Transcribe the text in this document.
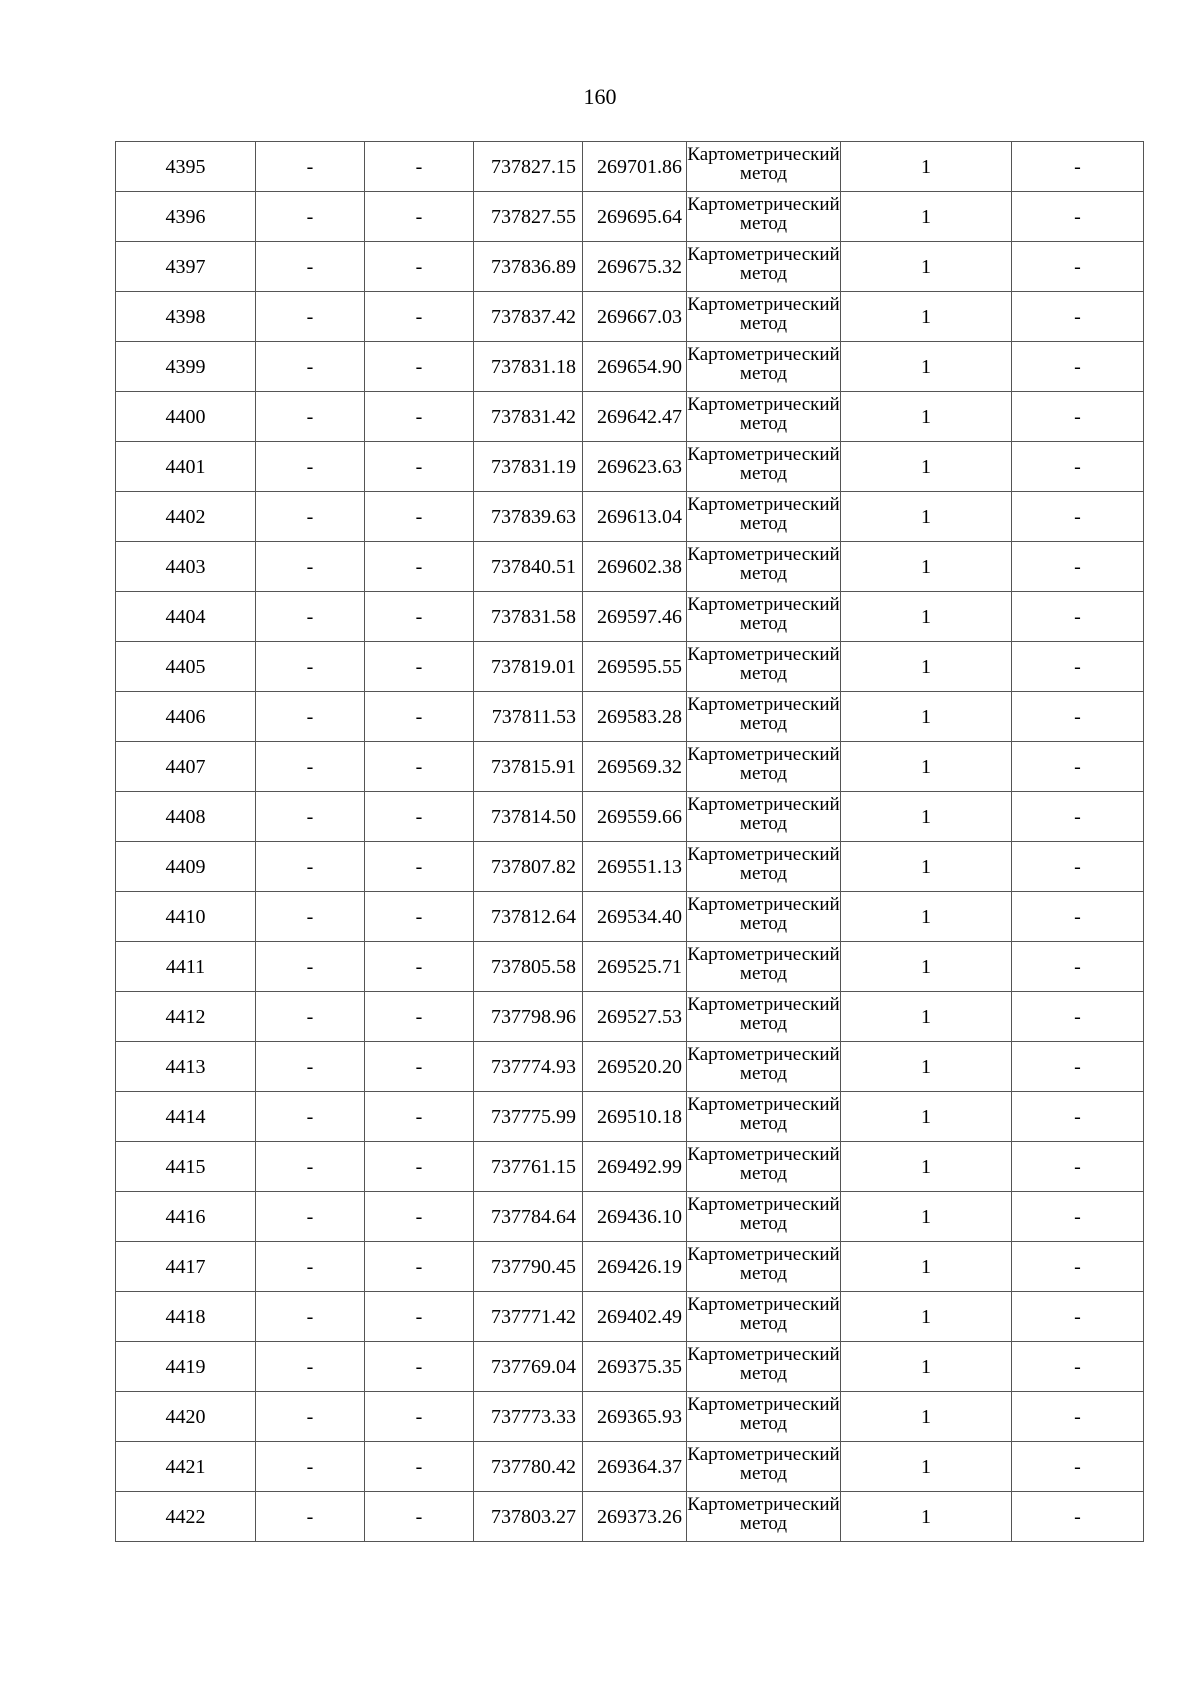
160
4395	-	-	737827.15	269701.86	Картометрический метод	1	-
4396	-	-	737827.55	269695.64	Картометрический метод	1	-
4397	-	-	737836.89	269675.32	Картометрический метод	1	-
4398	-	-	737837.42	269667.03	Картометрический метод	1	-
4399	-	-	737831.18	269654.90	Картометрический метод	1	-
4400	-	-	737831.42	269642.47	Картометрический метод	1	-
4401	-	-	737831.19	269623.63	Картометрический метод	1	-
4402	-	-	737839.63	269613.04	Картометрический метод	1	-
4403	-	-	737840.51	269602.38	Картометрический метод	1	-
4404	-	-	737831.58	269597.46	Картометрический метод	1	-
4405	-	-	737819.01	269595.55	Картометрический метод	1	-
4406	-	-	737811.53	269583.28	Картометрический метод	1	-
4407	-	-	737815.91	269569.32	Картометрический метод	1	-
4408	-	-	737814.50	269559.66	Картометрический метод	1	-
4409	-	-	737807.82	269551.13	Картометрический метод	1	-
4410	-	-	737812.64	269534.40	Картометрический метод	1	-
4411	-	-	737805.58	269525.71	Картометрический метод	1	-
4412	-	-	737798.96	269527.53	Картометрический метод	1	-
4413	-	-	737774.93	269520.20	Картометрический метод	1	-
4414	-	-	737775.99	269510.18	Картометрический метод	1	-
4415	-	-	737761.15	269492.99	Картометрический метод	1	-
4416	-	-	737784.64	269436.10	Картометрический метод	1	-
4417	-	-	737790.45	269426.19	Картометрический метод	1	-
4418	-	-	737771.42	269402.49	Картометрический метод	1	-
4419	-	-	737769.04	269375.35	Картометрический метод	1	-
4420	-	-	737773.33	269365.93	Картометрический метод	1	-
4421	-	-	737780.42	269364.37	Картометрический метод	1	-
4422	-	-	737803.27	269373.26	Картометрический метод	1	-
